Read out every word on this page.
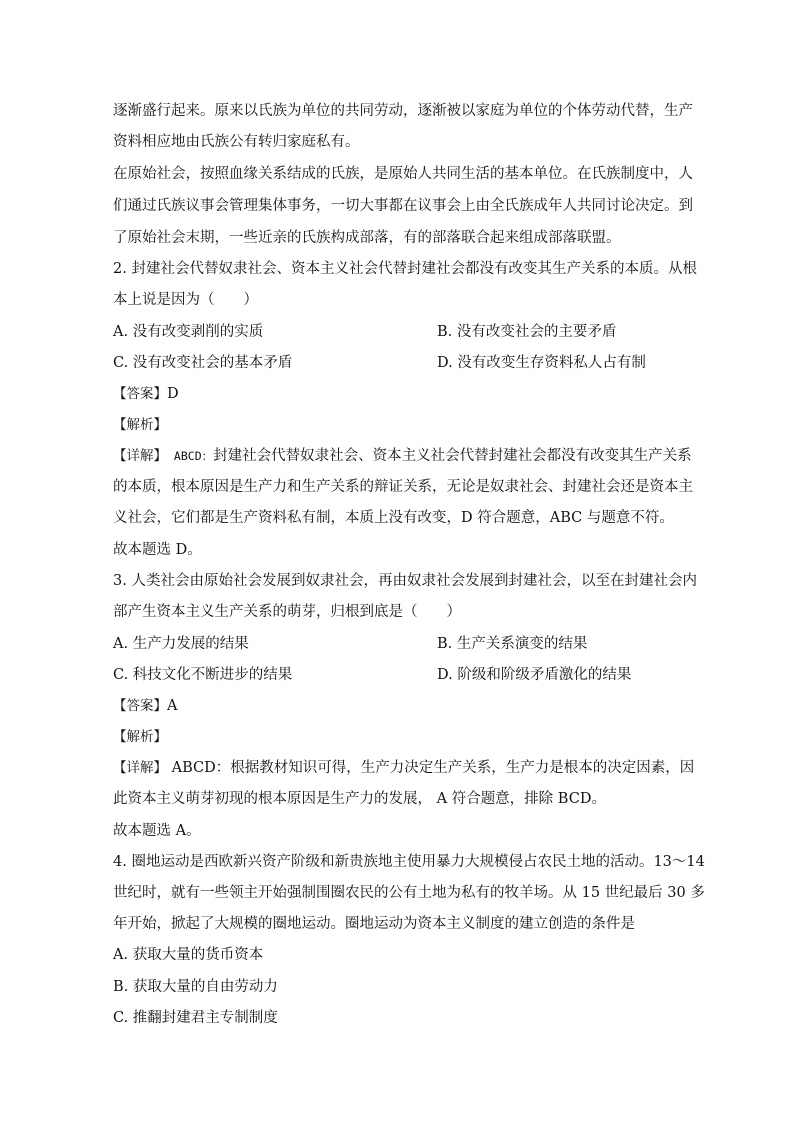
逐渐盛行起来。原来以氏族为单位的共同劳动，逐渐被以家庭为单位的个体劳动代替，生产
资料相应地由氏族公有转归家庭私有。
在原始社会，按照血缘关系结成的氏族，是原始人共同生活的基本单位。在氏族制度中，人
们通过氏族议事会管理集体事务，一切大事都在议事会上由全氏族成年人共同讨论决定。到
了原始社会末期，一些近亲的氏族构成部落，有的部落联合起来组成部落联盟。
2. 封建社会代替奴隶社会、资本主义社会代替封建社会都没有改变其生产关系的本质。从根
本上说是因为（　　）
A. 没有改变剥削的实质	B. 没有改变社会的主要矛盾
C. 没有改变社会的基本矛盾	D. 没有改变生存资料私人占有制
【答案】D
【解析】
【详解】 ABCD：封建社会代替奴隶社会、资本主义社会代替封建社会都没有改变其生产关系
的本质，根本原因是生产力和生产关系的辩证关系，无论是奴隶社会、封建社会还是资本主
义社会，它们都是生产资料私有制，本质上没有改变，D 符合题意，ABC 与题意不符。
故本题选 D。
3. 人类社会由原始社会发展到奴隶社会，再由奴隶社会发展到封建社会，以至在封建社会内
部产生资本主义生产关系的萌芽，归根到底是（　　）
A. 生产力发展的结果	B. 生产关系演变的结果
C. 科技文化不断进步的结果	D. 阶级和阶级矛盾激化的结果
【答案】A
【解析】
【详解】 ABCD：根据教材知识可得，生产力决定生产关系，生产力是根本的决定因素，因
此资本主义萌芽初现的根本原因是生产力的发展， A 符合题意，排除 BCD。
故本题选 A。
4. 圈地运动是西欧新兴资产阶级和新贵族地主使用暴力大规模侵占农民土地的活动。13～14
世纪时，就有一些领主开始强制围圈农民的公有土地为私有的牧羊场。从 15 世纪最后 30 多
年开始，掀起了大规模的圈地运动。圈地运动为资本主义制度的建立创造的条件是
A. 获取大量的货币资本
B. 获取大量的自由劳动力
C. 推翻封建君主专制制度
